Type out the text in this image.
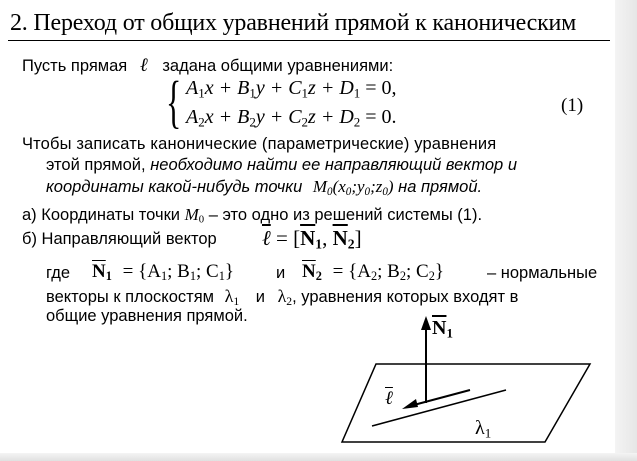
2. Переход от общих уравнений прямой к каноническим
Пусть прямая ℓ задана общими уравнениями:
{ $A_1x + B_1y + C_1z + D_1 = 0$,
$A_2x + B_2y + C_2z + D_2 = 0$.
(1)
Чтобы записать канонические (параметрические) уравнения
этой прямой, необходимо найти ее направляющий вектор и
координаты какой-нибудь точки $M_0(x_0;y_0;z_0)$ на прямой.
а) Координаты точки $M_0$ – это одно из решений системы (1).
б) Направляющий вектор ℓ = [$\overline{N}_1$, $\overline{N}_2$]
где $\overline{N}_1 = \{A_1$; $B_1$; $C_1$}	и $\overline{N}_2 = \{A_2$; $B_2$; $C_2$}	– нормальные
векторы к плоскостям $\lambda_1$ и $\lambda_2$, уравнения которых входят в
общие уравнения прямой.
$\overline{N}_1$
ℓ
$\lambda_1$
